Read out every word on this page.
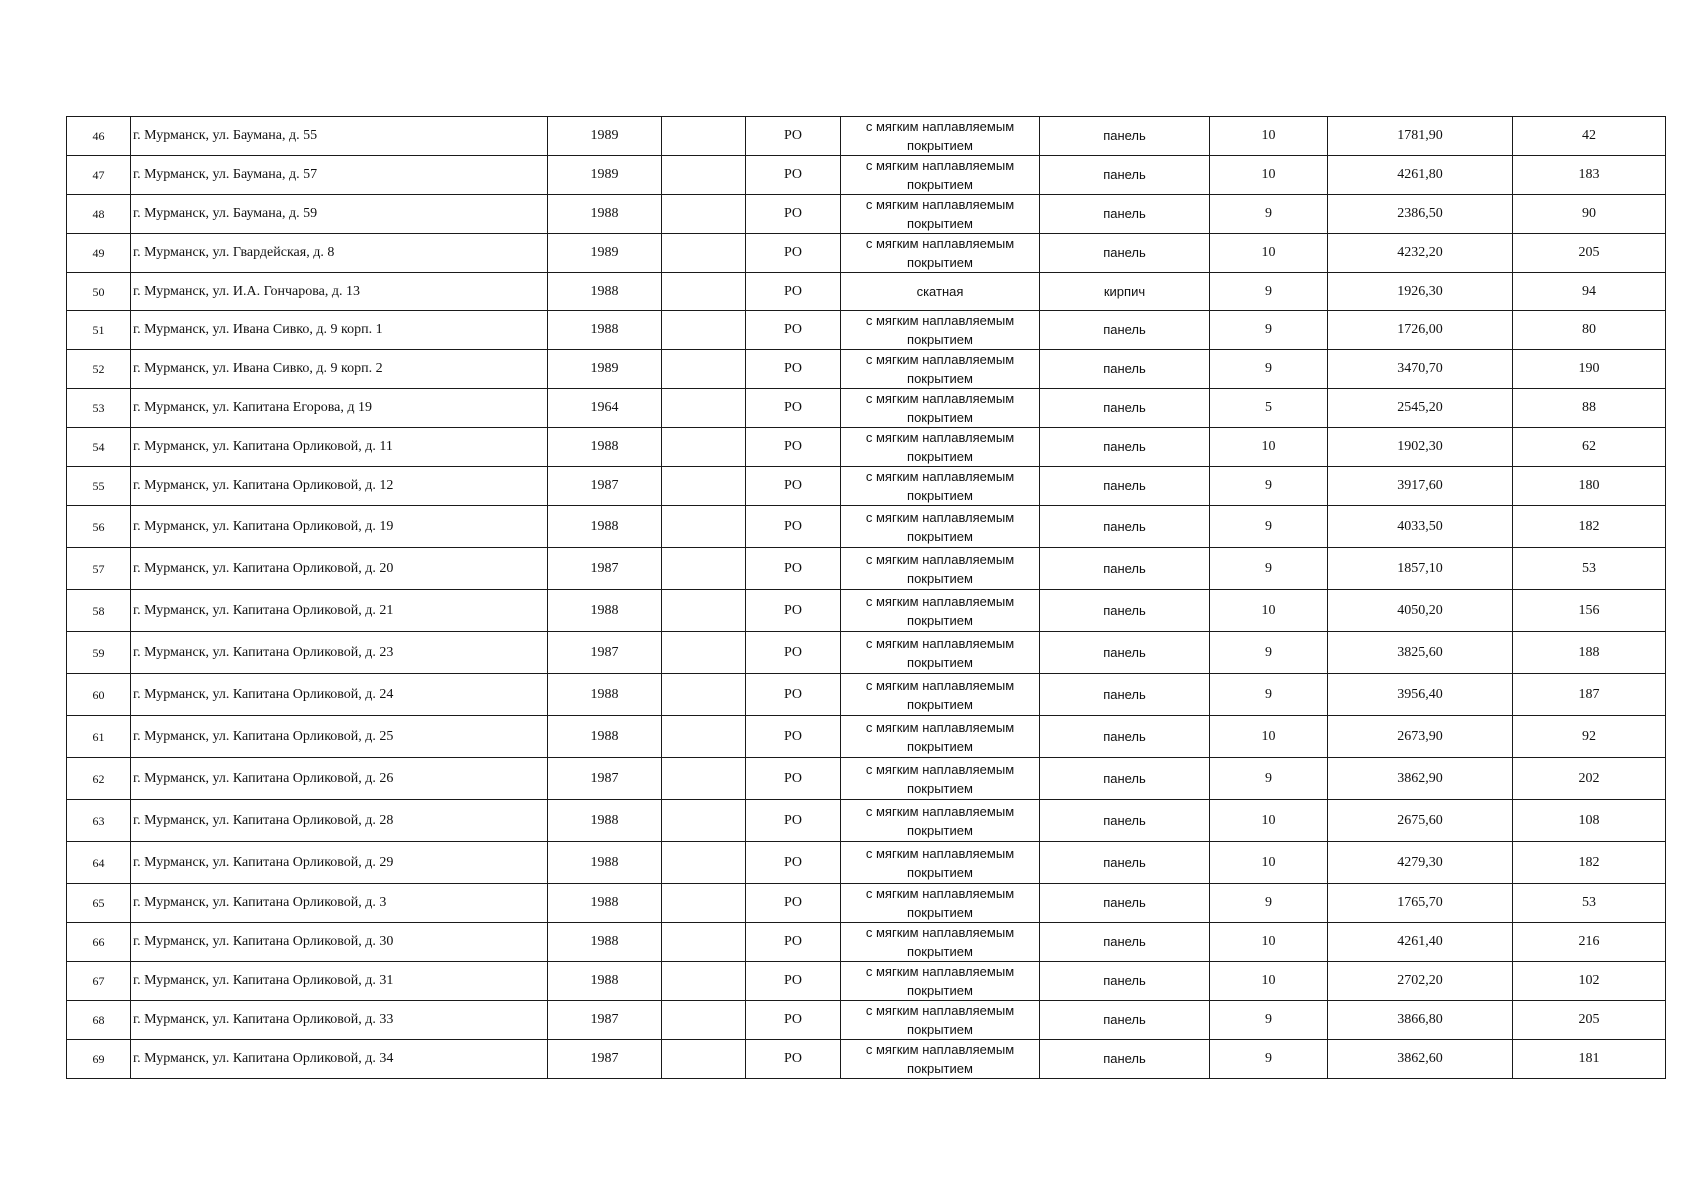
46	г. Мурманск, ул. Баумана, д. 55	1989		РО	с мягким наплавляемым покрытием	панель	10	1781,90	42
47	г. Мурманск, ул. Баумана, д. 57	1989		РО	с мягким наплавляемым покрытием	панель	10	4261,80	183
48	г. Мурманск, ул. Баумана, д. 59	1988		РО	с мягким наплавляемым покрытием	панель	9	2386,50	90
49	г. Мурманск, ул. Гвардейская, д. 8	1989		РО	с мягким наплавляемым покрытием	панель	10	4232,20	205
50	г. Мурманск, ул. И.А. Гончарова, д. 13	1988		РО	скатная	кирпич	9	1926,30	94
51	г. Мурманск, ул. Ивана Сивко, д. 9 корп. 1	1988		РО	с мягким наплавляемым покрытием	панель	9	1726,00	80
52	г. Мурманск, ул. Ивана Сивко, д. 9 корп. 2	1989		РО	с мягким наплавляемым покрытием	панель	9	3470,70	190
53	г. Мурманск, ул. Капитана Егорова, д 19	1964		РО	с мягким наплавляемым покрытием	панель	5	2545,20	88
54	г. Мурманск, ул. Капитана Орликовой, д. 11	1988		РО	с мягким наплавляемым покрытием	панель	10	1902,30	62
55	г. Мурманск, ул. Капитана Орликовой, д. 12	1987		РО	с мягким наплавляемым покрытием	панель	9	3917,60	180
56	г. Мурманск, ул. Капитана Орликовой, д. 19	1988		РО	с мягким наплавляемым покрытием	панель	9	4033,50	182
57	г. Мурманск, ул. Капитана Орликовой, д. 20	1987		РО	с мягким наплавляемым покрытием	панель	9	1857,10	53
58	г. Мурманск, ул. Капитана Орликовой, д. 21	1988		РО	с мягким наплавляемым покрытием	панель	10	4050,20	156
59	г. Мурманск, ул. Капитана Орликовой, д. 23	1987		РО	с мягким наплавляемым покрытием	панель	9	3825,60	188
60	г. Мурманск, ул. Капитана Орликовой, д. 24	1988		РО	с мягким наплавляемым покрытием	панель	9	3956,40	187
61	г. Мурманск, ул. Капитана Орликовой, д. 25	1988		РО	с мягким наплавляемым покрытием	панель	10	2673,90	92
62	г. Мурманск, ул. Капитана Орликовой, д. 26	1987		РО	с мягким наплавляемым покрытием	панель	9	3862,90	202
63	г. Мурманск, ул. Капитана Орликовой, д. 28	1988		РО	с мягким наплавляемым покрытием	панель	10	2675,60	108
64	г. Мурманск, ул. Капитана Орликовой, д. 29	1988		РО	с мягким наплавляемым покрытием	панель	10	4279,30	182
65	г. Мурманск, ул. Капитана Орликовой, д. 3	1988		РО	с мягким наплавляемым покрытием	панель	9	1765,70	53
66	г. Мурманск, ул. Капитана Орликовой, д. 30	1988		РО	с мягким наплавляемым покрытием	панель	10	4261,40	216
67	г. Мурманск, ул. Капитана Орликовой, д. 31	1988		РО	с мягким наплавляемым покрытием	панель	10	2702,20	102
68	г. Мурманск, ул. Капитана Орликовой, д. 33	1987		РО	с мягким наплавляемым покрытием	панель	9	3866,80	205
69	г. Мурманск, ул. Капитана Орликовой, д. 34	1987		РО	с мягким наплавляемым покрытием	панель	9	3862,60	181
